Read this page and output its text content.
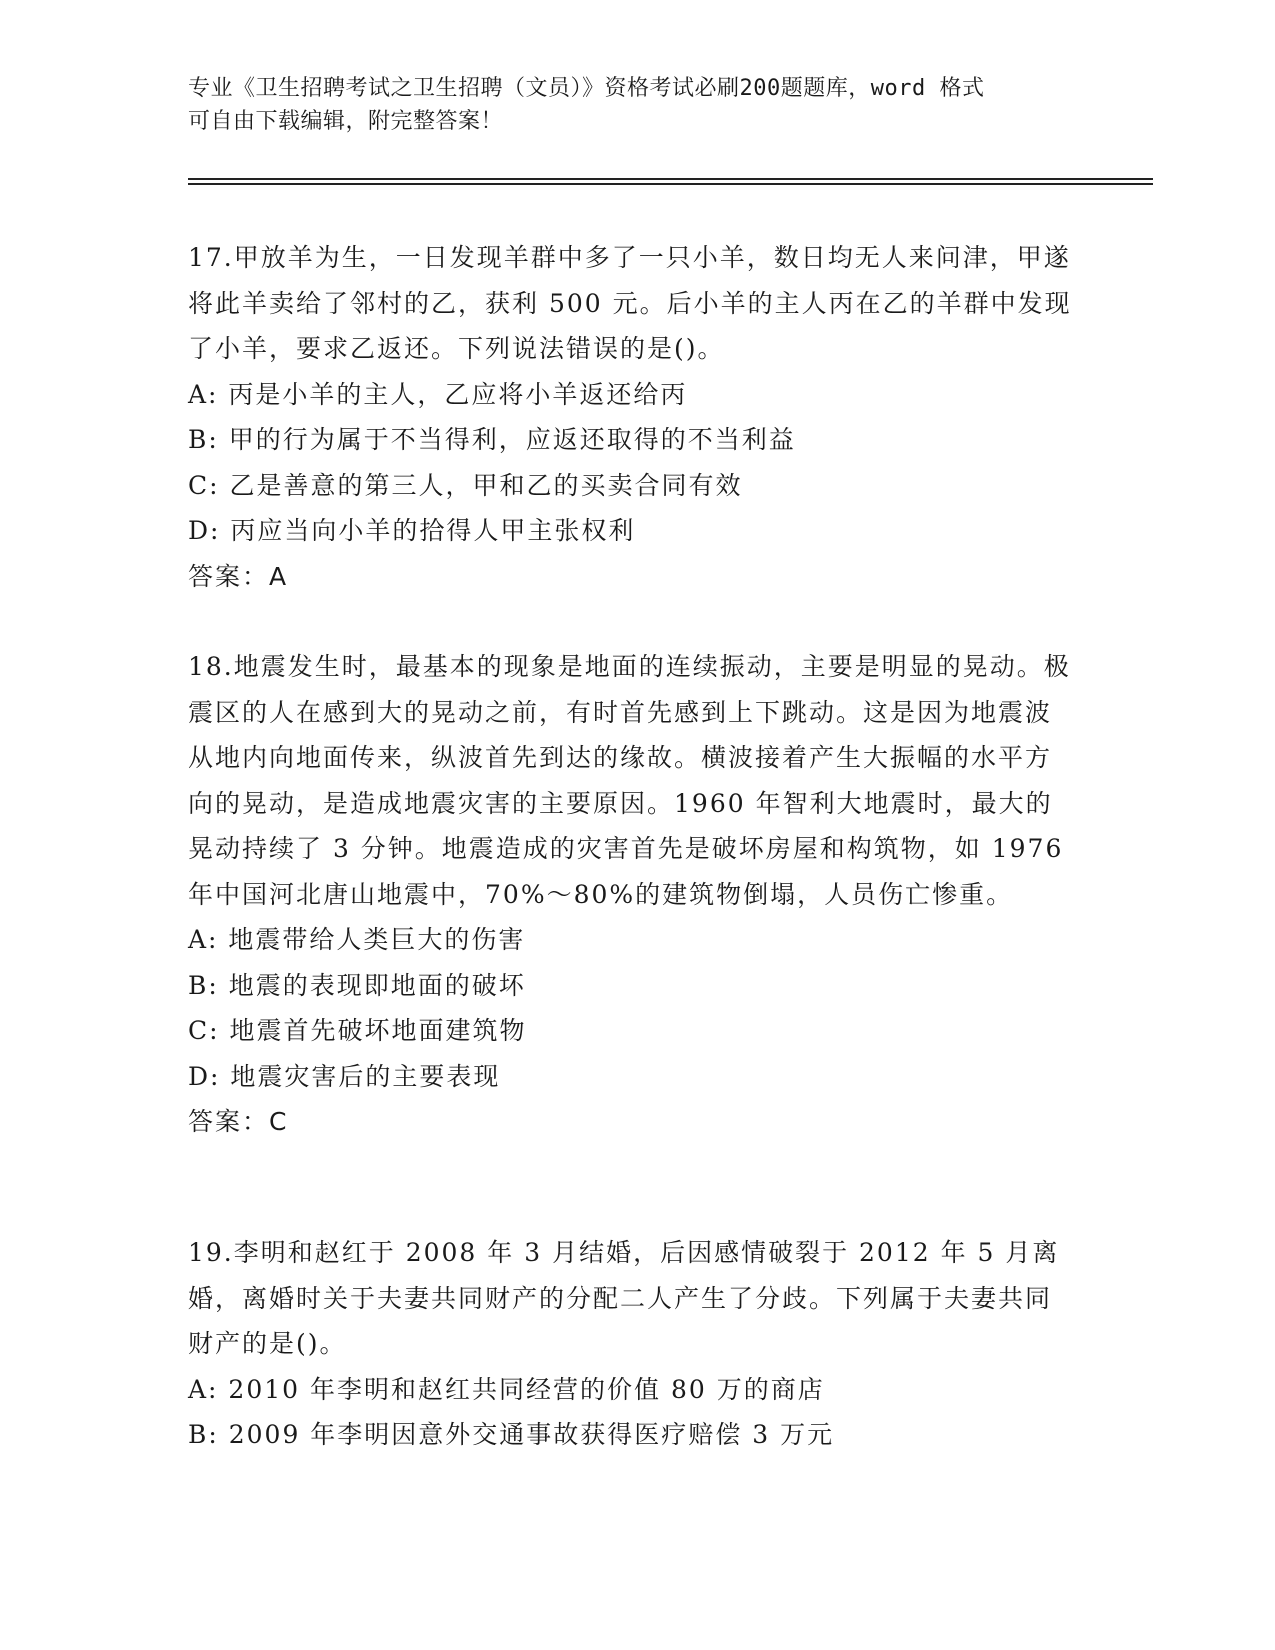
专业《卫生招聘考试之卫生招聘（文员）》资格考试必刷200题题库，word 格式
可自由下载编辑，附完整答案！

17.甲放羊为生，一日发现羊群中多了一只小羊，数日均无人来问津，甲遂将此羊卖给了邻村的乙，获利 500 元。后小羊的主人丙在乙的羊群中发现了小羊，要求乙返还。下列说法错误的是()。

A: 丙是小羊的主人，乙应将小羊返还给丙

B: 甲的行为属于不当得利，应返还取得的不当利益

C: 乙是善意的第三人，甲和乙的买卖合同有效

D: 丙应当向小羊的拾得人甲主张权利

答案：A

18.地震发生时，最基本的现象是地面的连续振动，主要是明显的晃动。极震区的人在感到大的晃动之前，有时首先感到上下跳动。这是因为地震波从地内向地面传来，纵波首先到达的缘故。横波接着产生大振幅的水平方向的晃动，是造成地震灾害的主要原因。1960 年智利大地震时，最大的晃动持续了 3 分钟。地震造成的灾害首先是破坏房屋和构筑物，如 1976 年中国河北唐山地震中，70%～80%的建筑物倒塌，人员伤亡惨重。

A: 地震带给人类巨大的伤害

B: 地震的表现即地面的破坏

C: 地震首先破坏地面建筑物

D: 地震灾害后的主要表现

答案：C

19.李明和赵红于 2008 年 3 月结婚，后因感情破裂于 2012 年 5 月离婚，离婚时关于夫妻共同财产的分配二人产生了分歧。下列属于夫妻共同财产的是()。

A: 2010 年李明和赵红共同经营的价值 80 万的商店

B: 2009 年李明因意外交通事故获得医疗赔偿 3 万元
